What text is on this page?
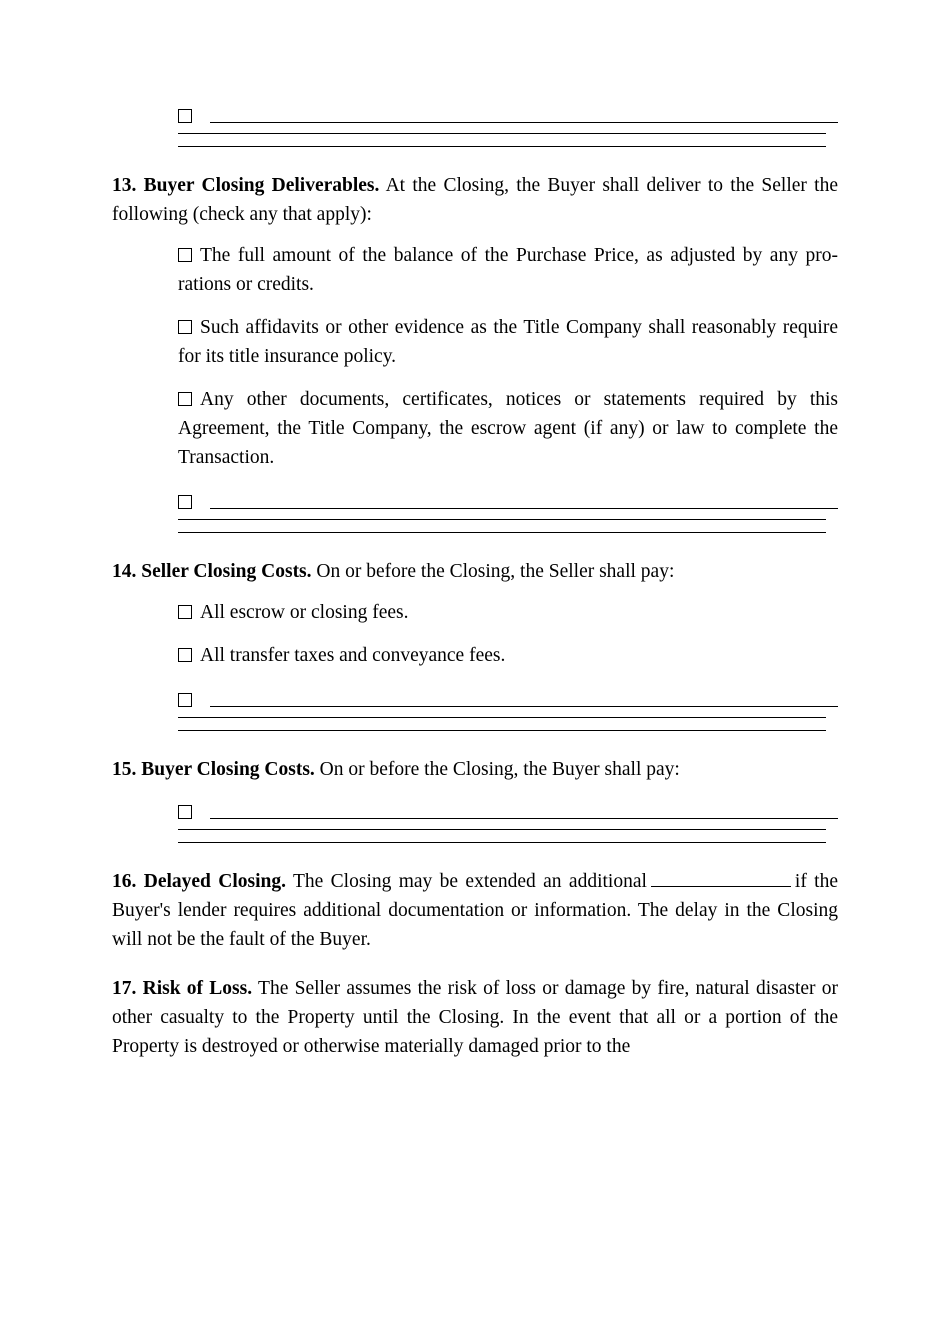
13. Buyer Closing Deliverables. At the Closing, the Buyer shall deliver to the Seller the following (check any that apply):

The full amount of the balance of the Purchase Price, as adjusted by any pro-rations or credits.

Such affidavits or other evidence as the Title Company shall reasonably require for its title insurance policy.

Any other documents, certificates, notices or statements required by this Agreement, the Title Company, the escrow agent (if any) or law to complete the Transaction.

14. Seller Closing Costs. On or before the Closing, the Seller shall pay:

All escrow or closing fees.

All transfer taxes and conveyance fees.

15. Buyer Closing Costs. On or before the Closing, the Buyer shall pay:

16. Delayed Closing. The Closing may be extended an additional	if the Buyer's lender requires additional documentation or information. The delay in the Closing will not be the fault of the Buyer.

17. Risk of Loss. The Seller assumes the risk of loss or damage by fire, natural disaster or other casualty to the Property until the Closing. In the event that all or a portion of the Property is destroyed or otherwise materially damaged prior to the
